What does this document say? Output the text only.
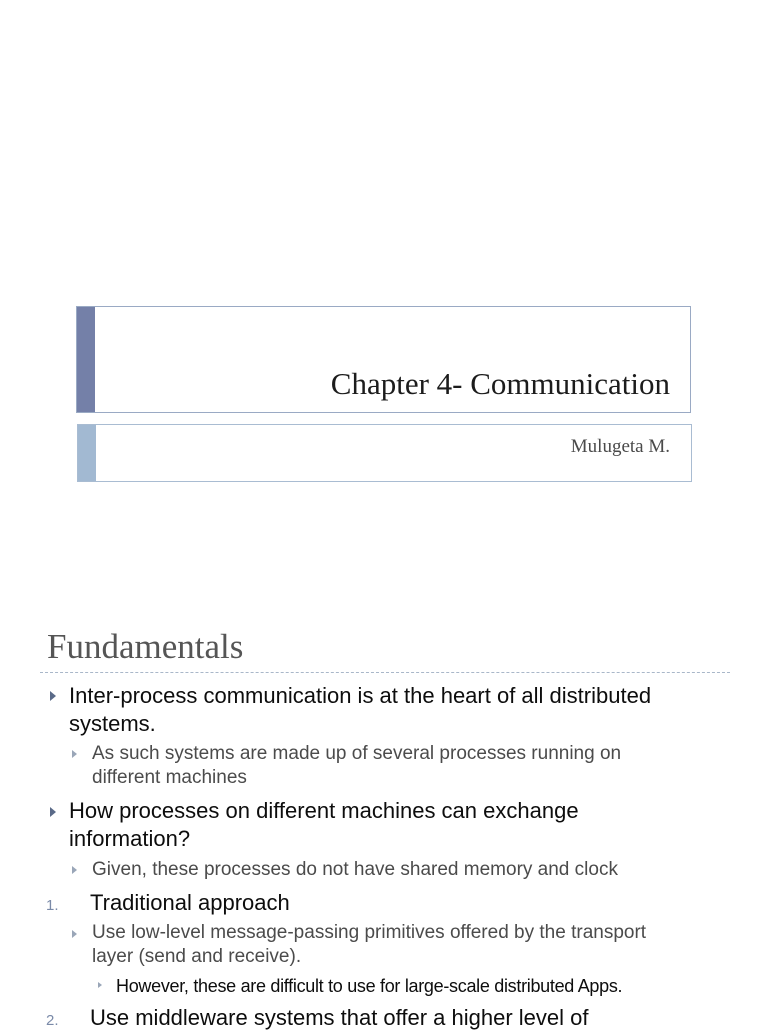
Chapter 4- Communication
Mulugeta M.
Fundamentals
Inter-process communication is at the heart of all distributed
systems.
As such systems are made up of several processes running on
different machines
How processes on different machines can exchange
information?
Given, these processes do not have shared memory and clock
1. Traditional approach
Use low-level message-passing primitives offered by the transport
layer (send and receive).
However, these are difficult to use for large-scale distributed Apps.
2. Use middleware systems that offer a higher level of
